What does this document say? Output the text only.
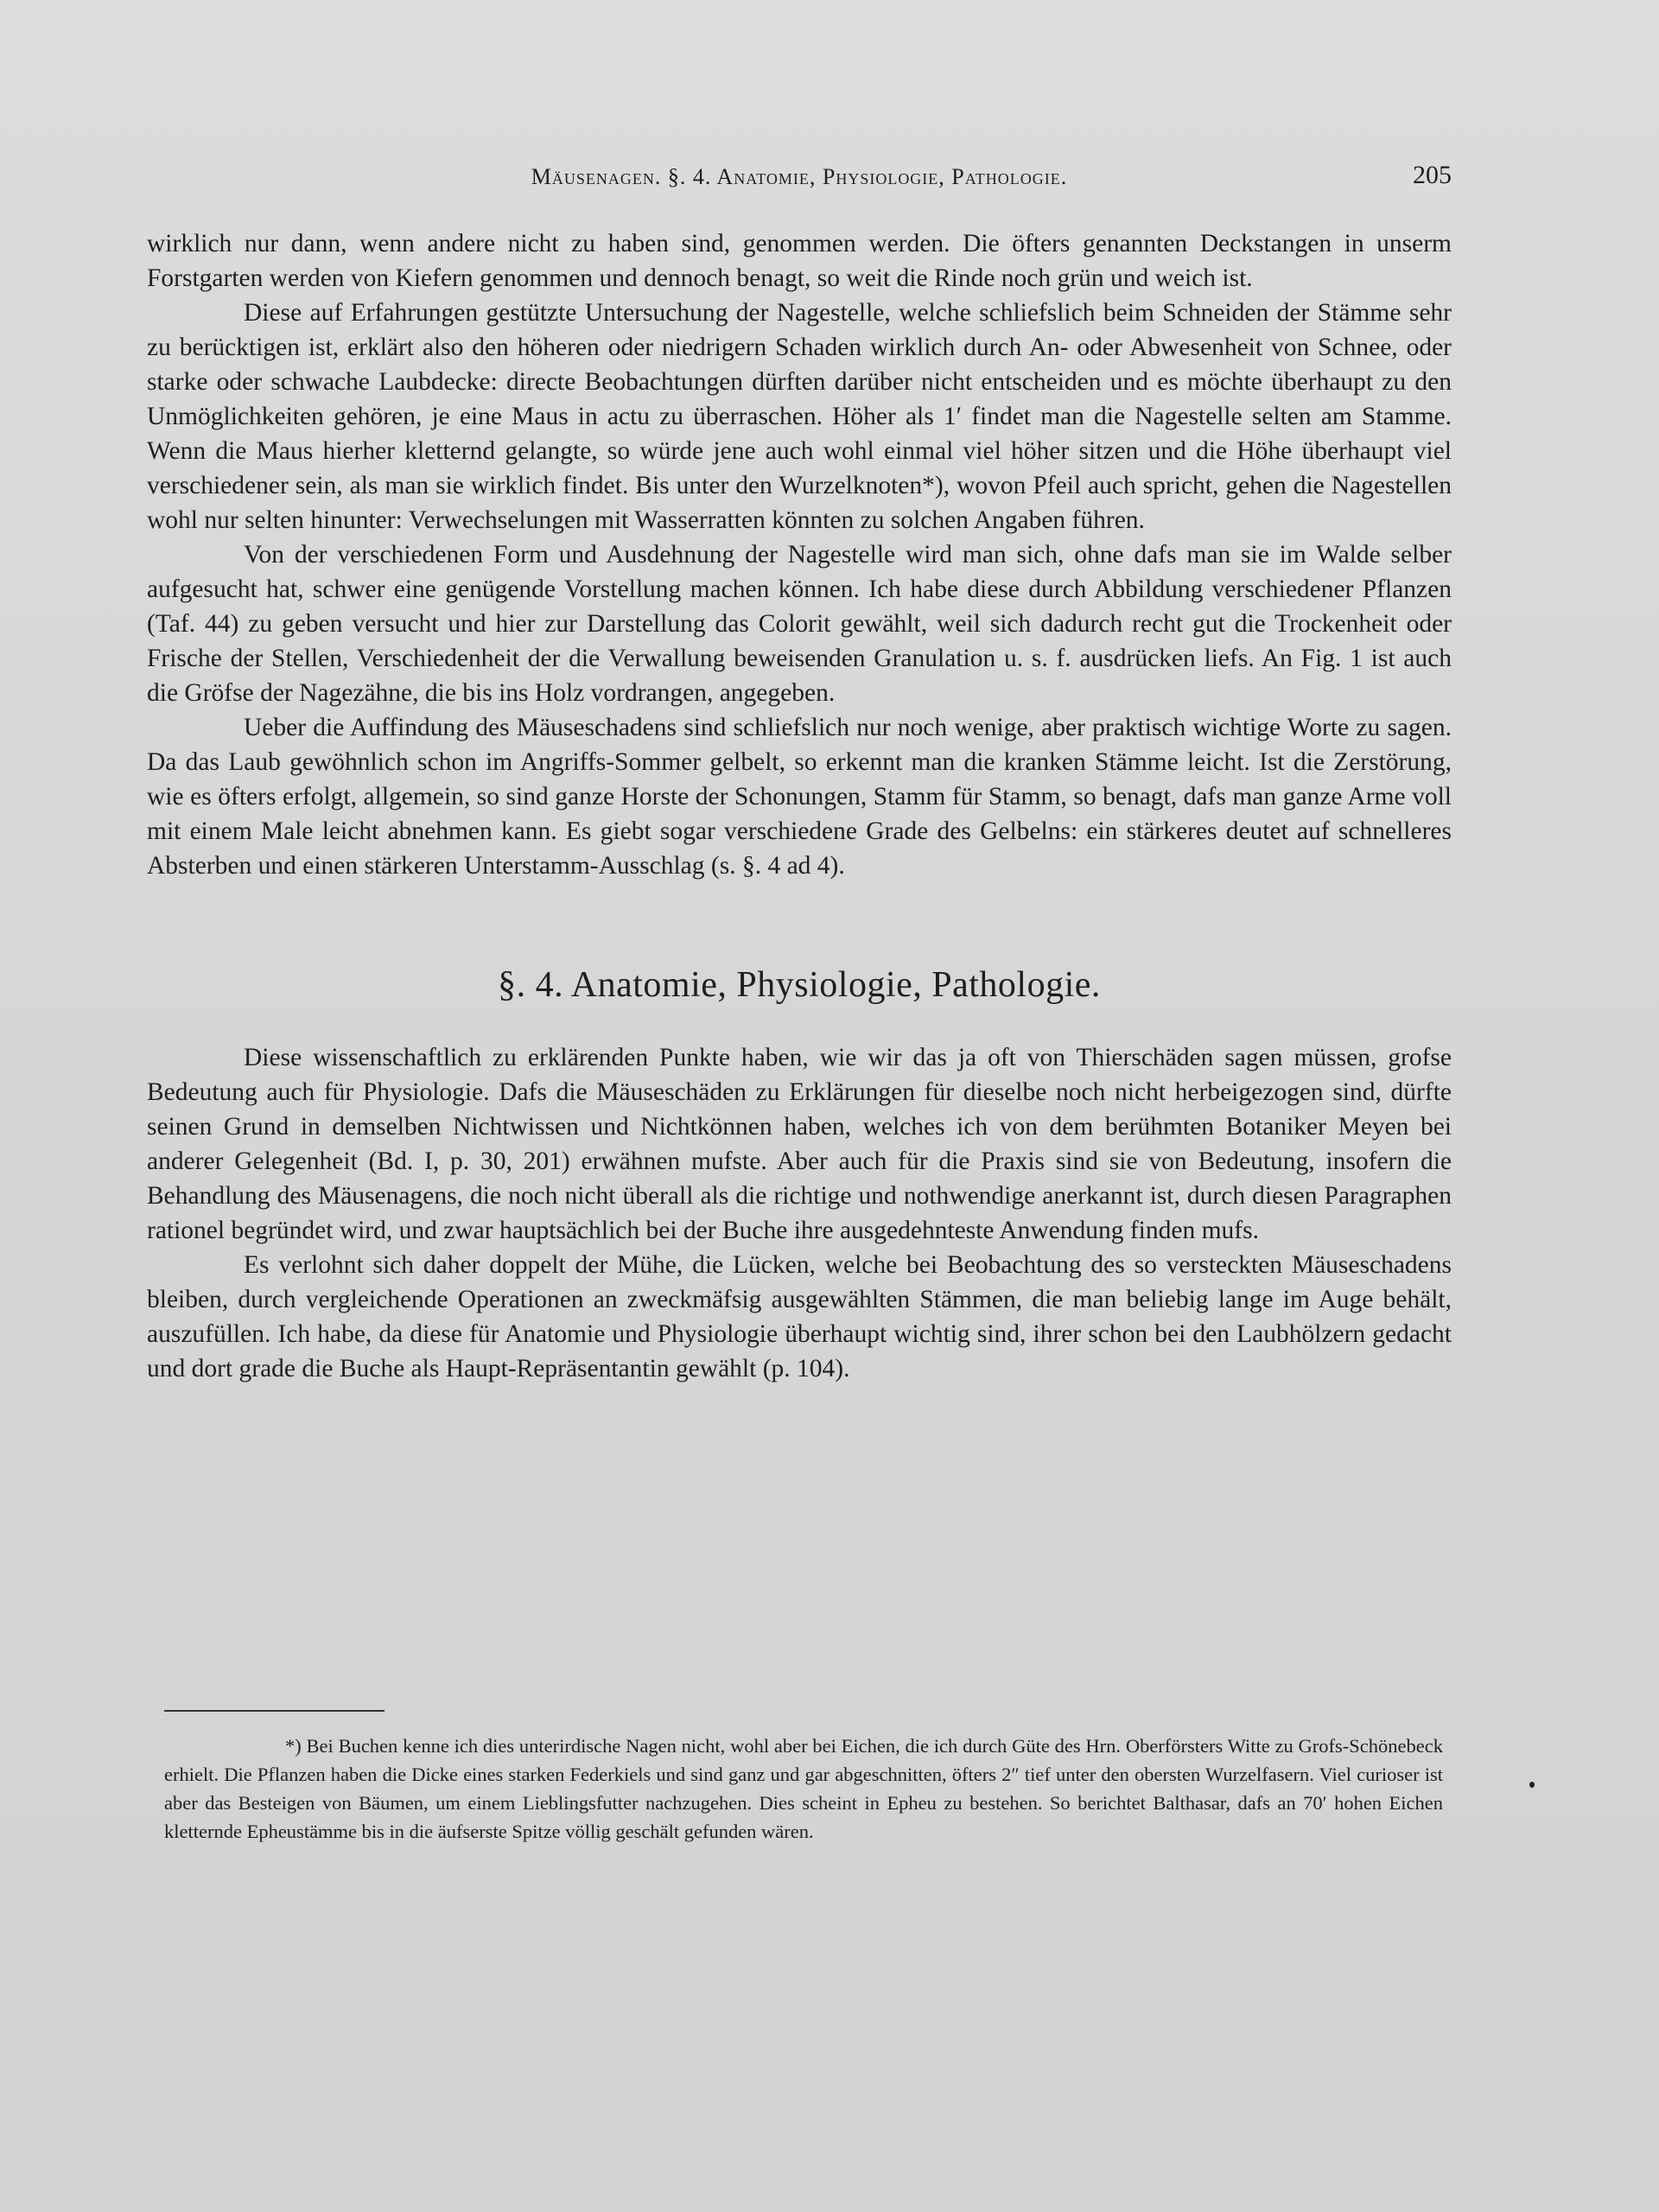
Mäusenagen. §. 4. Anatomie, Physiologie, Pathologie.	205

wirklich nur dann, wenn andere nicht zu haben sind, genommen werden. Die öfters genannten Deckstangen in unserm Forstgarten werden von Kiefern genommen und dennoch benagt, so weit die Rinde noch grün und weich ist.

Diese auf Erfahrungen gestützte Untersuchung der Nagestelle, welche schliefslich beim Schneiden der Stämme sehr zu berücktigen ist, erklärt also den höheren oder niedrigern Schaden wirklich durch An- oder Abwesenheit von Schnee, oder starke oder schwache Laubdecke: directe Beobachtungen dürften darüber nicht entscheiden und es möchte überhaupt zu den Unmöglichkeiten gehören, je eine Maus in actu zu überraschen. Höher als 1′ findet man die Nagestelle selten am Stamme. Wenn die Maus hierher kletternd gelangte, so würde jene auch wohl einmal viel höher sitzen und die Höhe überhaupt viel verschiedener sein, als man sie wirklich findet. Bis unter den Wurzelknoten*), wovon Pfeil auch spricht, gehen die Nagestellen wohl nur selten hinunter: Verwechselungen mit Wasserratten könnten zu solchen Angaben führen.

Von der verschiedenen Form und Ausdehnung der Nagestelle wird man sich, ohne dafs man sie im Walde selber aufgesucht hat, schwer eine genügende Vorstellung machen können. Ich habe diese durch Abbildung verschiedener Pflanzen (Taf. 44) zu geben versucht und hier zur Darstellung das Colorit gewählt, weil sich dadurch recht gut die Trockenheit oder Frische der Stellen, Verschiedenheit der die Verwallung beweisenden Granulation u. s. f. ausdrücken liefs. An Fig. 1 ist auch die Gröfse der Nagezähne, die bis ins Holz vordrangen, angegeben.

Ueber die Auffindung des Mäuseschadens sind schliefslich nur noch wenige, aber praktisch wichtige Worte zu sagen. Da das Laub gewöhnlich schon im Angriffs-Sommer gelbelt, so erkennt man die kranken Stämme leicht. Ist die Zerstörung, wie es öfters erfolgt, allgemein, so sind ganze Horste der Schonungen, Stamm für Stamm, so benagt, dafs man ganze Arme voll mit einem Male leicht abnehmen kann. Es giebt sogar verschiedene Grade des Gelbelns: ein stärkeres deutet auf schnelleres Absterben und einen stärkeren Unterstamm-Ausschlag (s. §. 4 ad 4).

§. 4. Anatomie, Physiologie, Pathologie.

Diese wissenschaftlich zu erklärenden Punkte haben, wie wir das ja oft von Thierschäden sagen müssen, grofse Bedeutung auch für Physiologie. Dafs die Mäuseschäden zu Erklärungen für dieselbe noch nicht herbeigezogen sind, dürfte seinen Grund in demselben Nichtwissen und Nichtkönnen haben, welches ich von dem berühmten Botaniker Meyen bei anderer Gelegenheit (Bd. I, p. 30, 201) erwähnen mufste. Aber auch für die Praxis sind sie von Bedeutung, insofern die Behandlung des Mäusenagens, die noch nicht überall als die richtige und nothwendige anerkannt ist, durch diesen Paragraphen rationel begründet wird, und zwar hauptsächlich bei der Buche ihre ausgedehnteste Anwendung finden mufs.

Es verlohnt sich daher doppelt der Mühe, die Lücken, welche bei Beobachtung des so versteckten Mäuseschadens bleiben, durch vergleichende Operationen an zweckmäfsig ausgewählten Stämmen, die man beliebig lange im Auge behält, auszufüllen. Ich habe, da diese für Anatomie und Physiologie überhaupt wichtig sind, ihrer schon bei den Laubhölzern gedacht und dort grade die Buche als Haupt-Repräsentantin gewählt (p. 104).

*) Bei Buchen kenne ich dies unterirdische Nagen nicht, wohl aber bei Eichen, die ich durch Güte des Hrn. Oberförsters Witte zu Grofs-Schönebeck erhielt. Die Pflanzen haben die Dicke eines starken Federkiels und sind ganz und gar abgeschnitten, öfters 2″ tief unter den obersten Wurzelfasern. Viel curioser ist aber das Besteigen von Bäumen, um einem Lieblingsfutter nachzugehen. Dies scheint in Epheu zu bestehen. So berichtet Balthasar, dafs an 70′ hohen Eichen kletternde Epheustämme bis in die äufserste Spitze völlig geschält gefunden wären.
